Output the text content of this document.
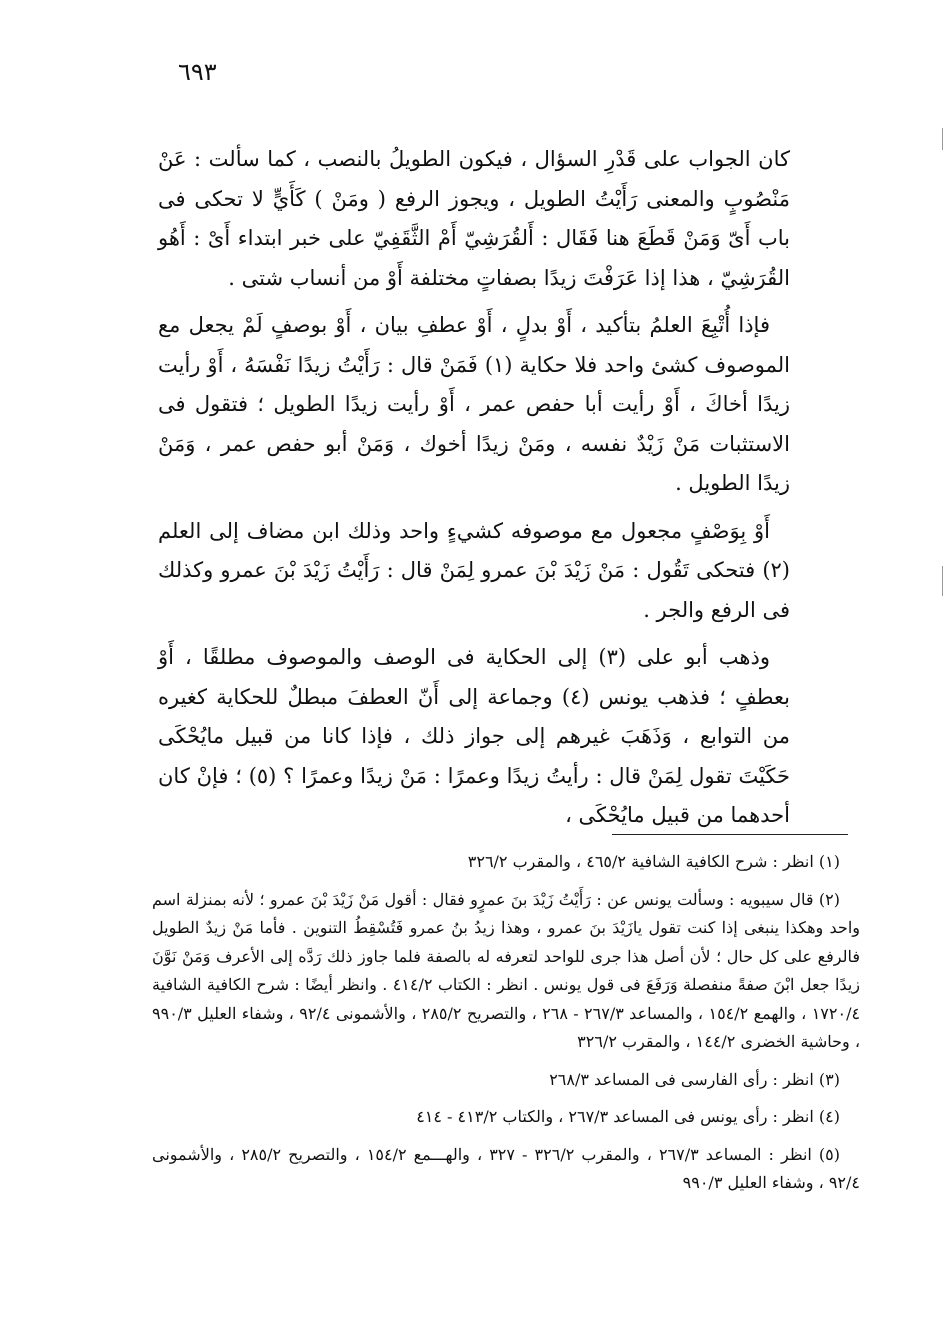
٦٩٣

كان الجواب على قَدْرِ السؤال ، فيكون الطويلُ بالنصب ، كما سألت : عَنْ مَنْصُوبٍ والمعنى رَأَيْتُ الطويل ، ويجوز الرفع ( ومَنْ ) كَأَيٍّ لا تحكى فى باب أَىّ وَمَنْ قَطَعَ هنا فَقَال : أَلقُرَشِيّ أَمْ الثَّقَفِيّ على خبر ابتداء أَىْ : أَهُو القُرَشِيّ ، هذا إذا عَرَفْتَ زيدًا بصفاتٍ مختلفة أَوْ من أنساب شتى .

فإذا أُتْبِعَ العلمُ بتأكيد ، أَوْ بدلٍ ، أَوْ عطفِ بيان ، أَوْ بوصفٍ لَمْ يجعل مع الموصوف كشئ واحد فلا حكاية (١) فَمَنْ قال : رَأَيْتُ زيدًا نَفْسَهُ ، أَوْ رأيت زيدًا أخاكَ ، أَوْ رأيت أبا حفص عمر ، أَوْ رأيت زيدًا الطويل ؛ فتقول فى الاستثبات مَنْ زَيْدٌ نفسه ، ومَنْ زيدًا أخوك ، وَمَنْ أبو حفص عمر ، وَمَنْ زيدًا الطويل .

أَوْ بِوَصْفٍ مجعول مع موصوفه كشيءٍ واحد وذلك ابن مضاف إلى العلم (٢) فتحكى تَقُول : مَنْ زَيْدَ بْنَ عمرو لِمَنْ قال : رَأَيْتُ زَيْدَ بْنَ عمرو وكذلك فى الرفع والجر .

وذهب أبو على (٣) إلى الحكاية فى الوصف والموصوف مطلقًا ، أَوْ بعطفٍ ؛ فذهب يونس (٤) وجماعة إلى أَنّ العطفَ مبطلٌ للحكاية كغيره من التوابع ، وَذَهَبَ غيرهم إلى جواز ذلك ، فإذا كانا من قبيل مايُحْكَى حَكَيْتَ تقول لِمَنْ قال : رأيتُ زيدًا وعمرًا : مَنْ زيدًا وعمرًا ؟ (٥) ؛ فإنْ كان أحدهما من قبيل مايُحْكَى ،

(١) انظر : شرح الكافية الشافية ٤٦٥/٢ ، والمقرب ٣٢٦/٢
(٢) قال سيبويه : وسألت يونس عن : رَأَيْتُ زَيْدَ بنَ عمرٍو فقال : أقول مَنْ زَيْدَ بْنَ عمرو ؛ لأنه بمنزلة اسم واحد وهكذا ينبغى إذا كنت تقول يازَيْدَ بنَ عمرو ، وهذا زيدُ بنُ عمرو فَتُسْقِطُ التنوين . فأما مَنْ زيدٌ الطويل فالرفع على كل حال ؛ لأن أصل هذا جرى للواحد لتعرفه له بالصفة فلما جاوز ذلك رَدَّه إلى الأعرف وَمَنْ نَوَّنَ زيدًا جعل ابْنَ صفةً منفصلة وَرَفَعَ فى قول يونس . انظر : الكتاب ٤١٤/٢ . وانظر أيضًا : شرح الكافية الشافية ١٧٢٠/٤ ، والهمع ١٥٤/٢ ، والمساعد ٢٦٧/٣ - ٢٦٨ ، والتصريح ٢٨٥/٢ ، والأشمونى ٩٢/٤ ، وشفاء العليل ٩٩٠/٣ ، وحاشية الخضرى ١٤٤/٢ ، والمقرب ٣٢٦/٢
(٣) انظر : رأى الفارسى فى المساعد ٢٦٨/٣
(٤) انظر : رأى يونس فى المساعد ٢٦٧/٣ ، والكتاب ٤١٣/٢ - ٤١٤
(٥) انظر : المساعد ٢٦٧/٣ ، والمقرب ٣٢٦/٢ - ٣٢٧ ، والهـــمع ١٥٤/٢ ، والتصريح ٢٨٥/٢ ، والأشمونى ٩٢/٤ ، وشفاء العليل ٩٩٠/٣
